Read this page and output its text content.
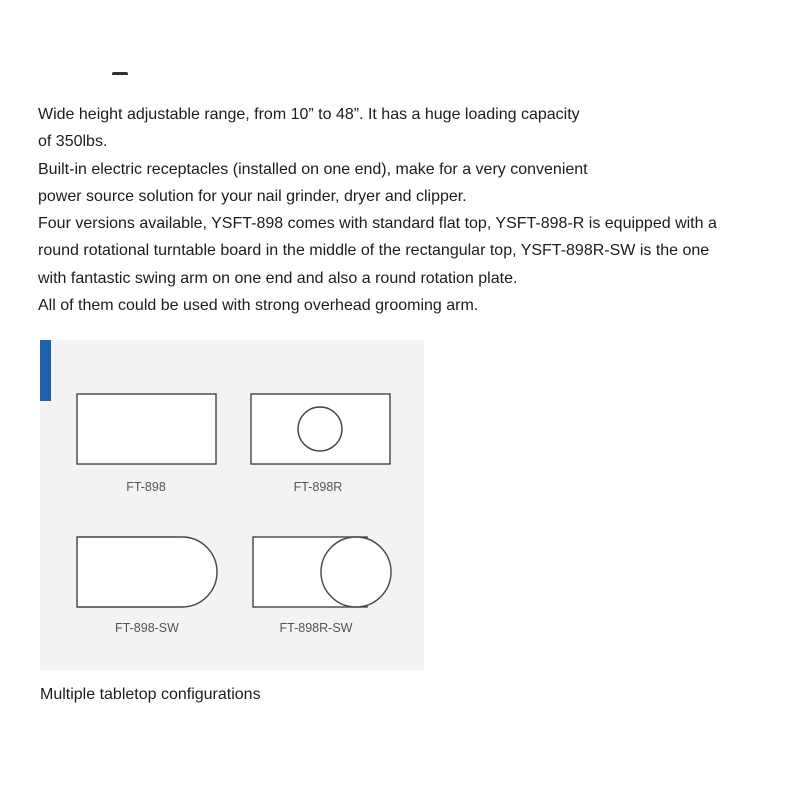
Wide height adjustable range, from 10” to 48”. It has a huge loading capacity

of 350lbs.

Built-in electric receptacles (installed on one end), make for a very convenient

power source solution for your nail grinder, dryer and clipper.

Four versions available, YSFT-898 comes with standard flat top, YSFT-898-R is equipped with a

round rotational turntable board in the middle of the rectangular top, YSFT-898R-SW is the one

with fantastic swing arm on one end and also a round rotation plate.

All of them could be used with strong overhead grooming arm.

FT-898	FT-898R
FT-898-SW	FT-898R-SW
Multiple tabletop configurations
